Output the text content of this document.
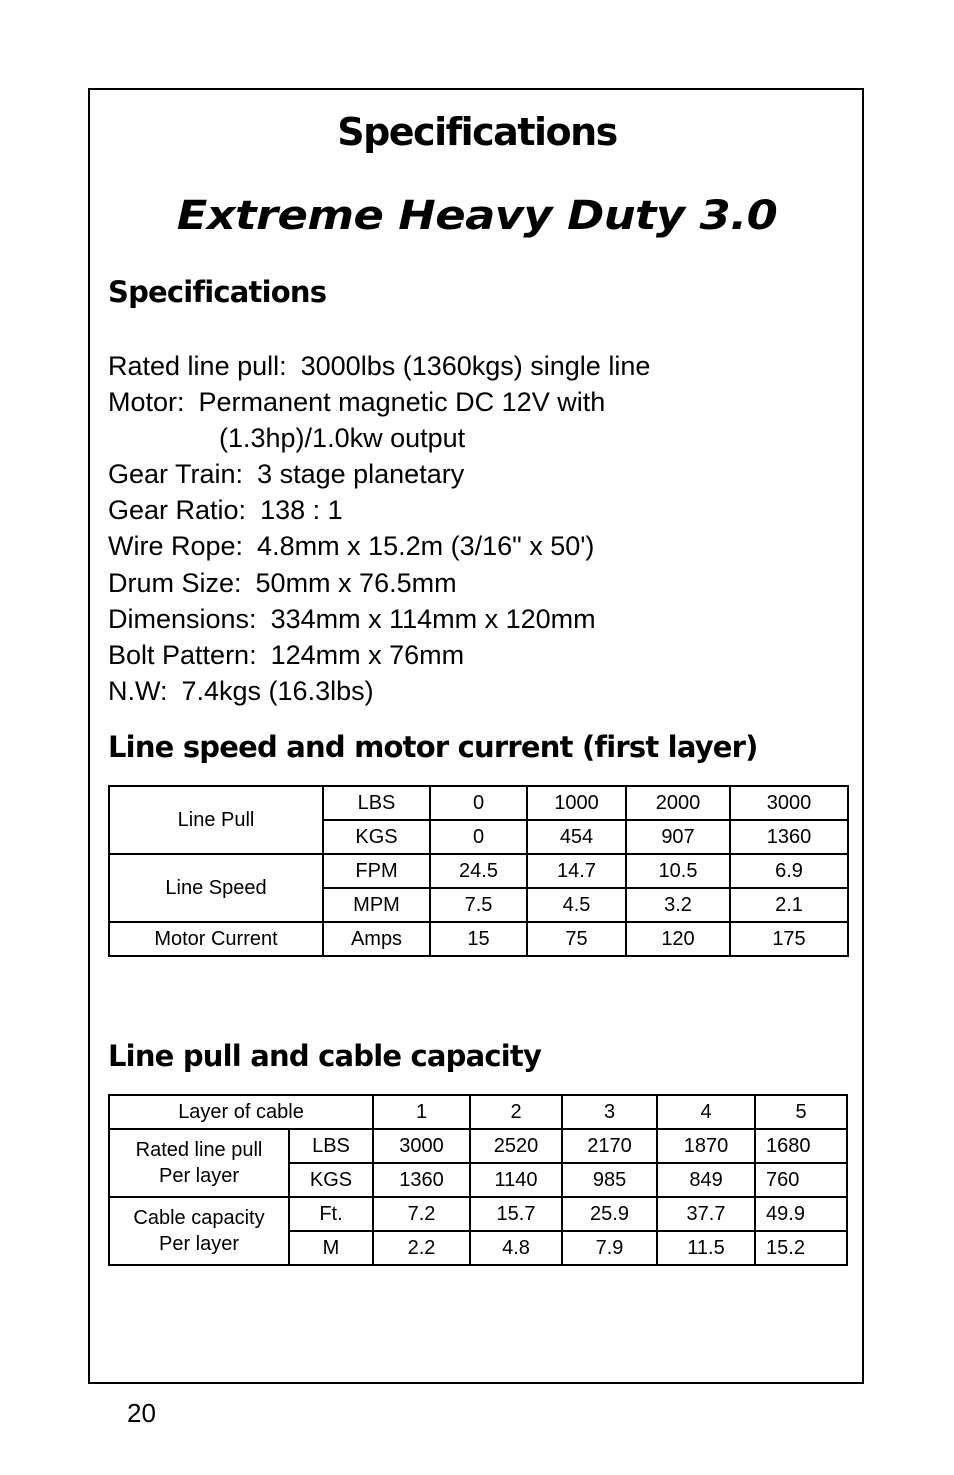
Specifications
Extreme Heavy Duty 3.0
Specifications
Rated line pull: 3000lbs (1360kgs) single line
Motor: Permanent magnetic DC 12V with
(1.3hp)/1.0kw output
Gear Train: 3 stage planetary
Gear Ratio: 138 : 1
Wire Rope: 4.8mm x 15.2m (3/16" x 50')
Drum Size: 50mm x 76.5mm
Dimensions: 334mm x 114mm x 120mm
Bolt Pattern: 124mm x 76mm
N.W: 7.4kgs (16.3lbs)
Line speed and motor current (first layer)
Line Pull	LBS	0	1000	2000	3000
	KGS	0	454	907	1360
Line Speed	FPM	24.5	14.7	10.5	6.9
	MPM	7.5	4.5	3.2	2.1
Motor Current	Amps	15	75	120	175
Line pull and cable capacity
Layer of cable		1	2	3	4	5

Rated line pull
Per layer	LBS	3000	2520	2170	1870	1680
	KGS	1360	1140	985	849	760

Cable capacity
Per layer	Ft.	7.2	15.7	25.9	37.7	49.9
	M	2.2	4.8	7.9	11.5	15.2

20
